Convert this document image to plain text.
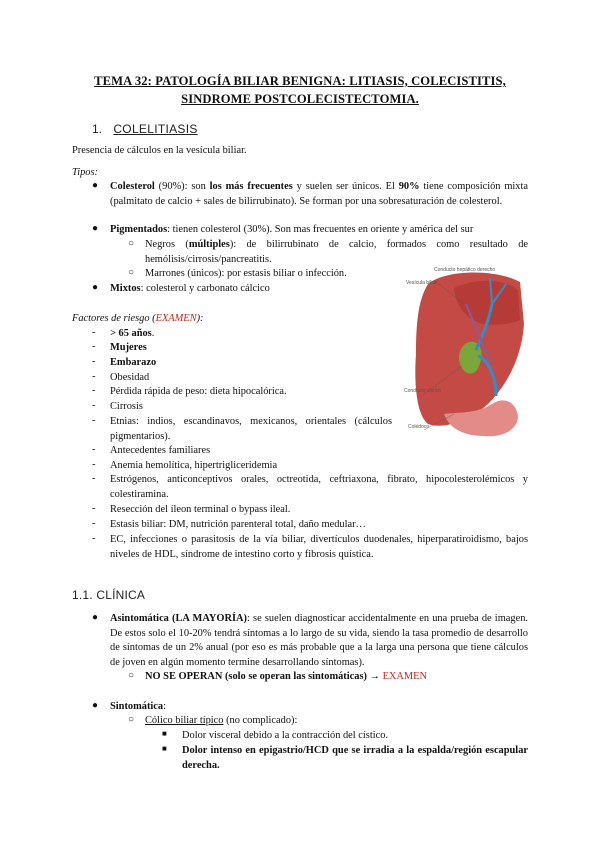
TEMA 32: PATOLOGÍA BILIAR BENIGNA: LITIASIS, COLECISTITIS,
SINDROME POSTCOLECISTECTOMIA.
1. COLELITIASIS
Presencia de cálculos en la vesícula biliar.
Tipos:
● Colesterol (90%): son los más frecuentes y suelen ser únicos. El 90% tiene composición mixta (palmitato de calcio + sales de bilirrubinato). Se forman por una sobresaturación de colesterol.
● Pigmentados: tienen colesterol (30%). Son mas frecuentes en oriente y américa del sur
○ Negros (múltiples): de bilirrubinato de calcio, formados como resultado de hemólisis/cirrosis/pancreatitis.
○ Marrones (únicos): por estasis biliar o infección.
● Mixtos: colesterol y carbonato cálcico
Conducto hepático derecho
Vesícula biliar
Conducto cístico
Colédoco
Factores de riesgo (EXAMEN):
- > 65 años.
- Mujeres
- Embarazo
- Obesidad
- Pérdida rápida de peso: dieta hipocalórica.
- Cirrosis
- Etnias: indios, escandinavos, mexicanos, orientales (cálculos pigmentarios).
- Antecedentes familiares
- Anemia hemolítica, hipertrigliceridemia
- Estrógenos, anticonceptivos orales, octreotida, ceftriaxona, fibrato, hipocolesterolémicos y colestiramina.
- Resección del íleon terminal o bypass ileal.
- Estasis biliar: DM, nutrición parenteral total, daño medular…
- EC, infecciones o parasitosis de la vía biliar, divertículos duodenales, hiperparatiroidismo, bajos niveles de HDL, síndrome de intestino corto y fibrosis quística.
1.1. CLÍNICA
● Asintomática (LA MAYORÍA): se suelen diagnosticar accidentalmente en una prueba de imagen. De estos solo el 10-20% tendrá síntomas a lo largo de su vida, siendo la tasa promedio de desarrollo de síntomas de un 2% anual (por eso es más probable que a la larga una persona que tiene cálculos de joven en algún momento termine desarrollando síntomas).
○ NO SE OPERAN (solo se operan las sintomáticas) → EXAMEN
● Sintomática:
○ Cólico biliar típico (no complicado):
■ Dolor visceral debido a la contracción del cístico.
■ Dolor intenso en epigastrio/HCD que se irradia a la espalda/región escapular derecha.
